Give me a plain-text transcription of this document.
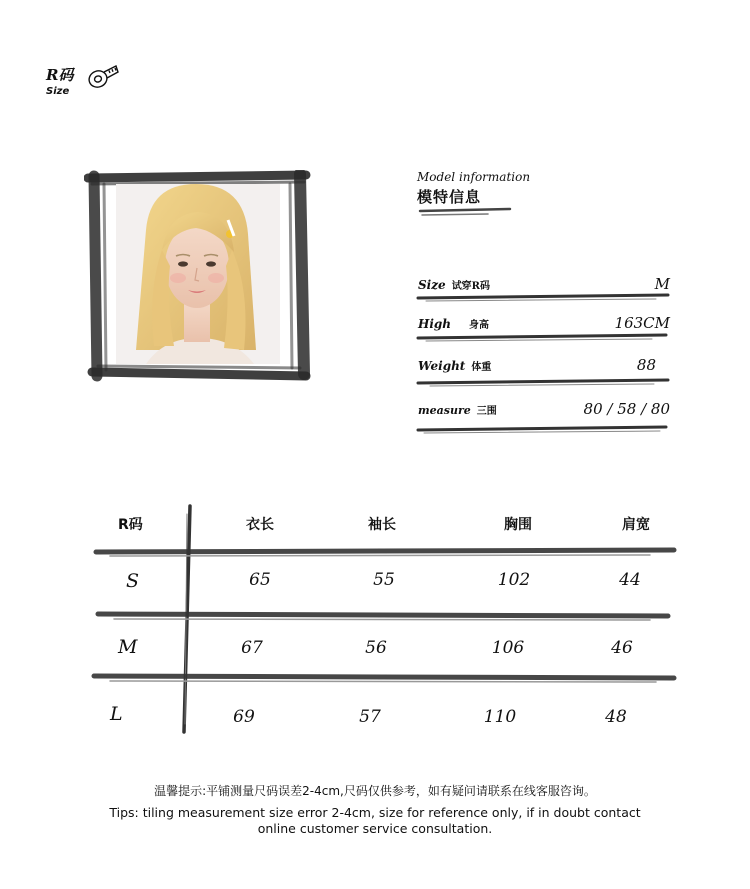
R码
Size
Model information
模特信息
Size 试穿R码	M
High 身高	163CM
Weight 体重	88
measure 三围	80 / 58 / 80
R码	衣长	袖长	胸围	肩宽
S	65	55	102	44
M	67	56	106	46
L	69	57	110	48
温馨提示:平铺测量尺码误差2-4cm,尺码仅供参考，如有疑问请联系在线客服咨询。
Tips: tiling measurement size error 2-4cm, size for reference only, if in doubt contact online customer service consultation.
